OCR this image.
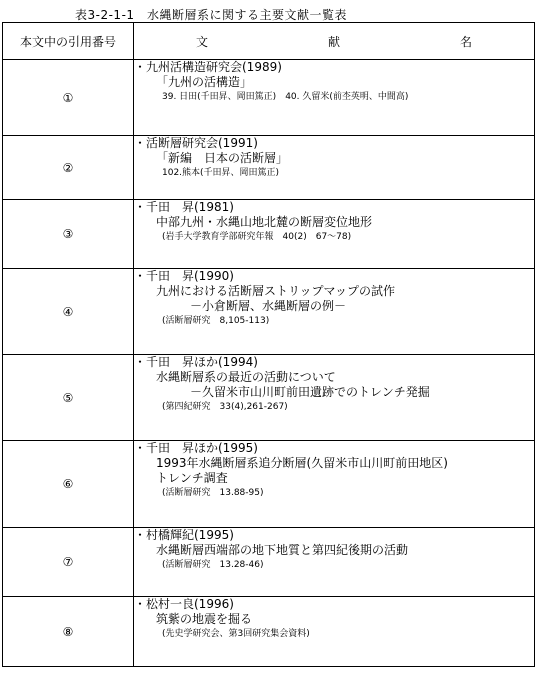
表3-2-1-1　水縄断層系に関する主要文献一覧表
本文中の引用番号	文 献 名
①	・九州活構造研究会(1989)
「九州の活構造」
39. 日田(千田昇、岡田篤正)　40. 久留米(前杢英明、中間高)

②	・活断層研究会(1991)
「新編　日本の活断層」
102.熊本(千田昇、岡田篤正)

③	・千田　昇(1981)
中部九州・水縄山地北麓の断層変位地形
(岩手大学教育学部研究年報　40(2)　67～78)

④	・千田　昇(1990)
九州における活断層ストリップマップの試作
－小倉断層、水縄断層の例－
(活断層研究　8,105-113)

⑤	・千田　昇ほか(1994)
水縄断層系の最近の活動について
－久留米市山川町前田遺跡でのトレンチ発掘
(第四紀研究　33(4),261-267)

⑥	・千田　昇ほか(1995)
1993年水縄断層系追分断層(久留米市山川町前田地区)
トレンチ調査
(活断層研究　13.88-95)

⑦	・村橋輝紀(1995)
水縄断層西端部の地下地質と第四紀後期の活動
(活断層研究　13.28-46)

⑧	・松村一良(1996)
筑紫の地震を掘る
(先史学研究会、第3回研究集会資料)
